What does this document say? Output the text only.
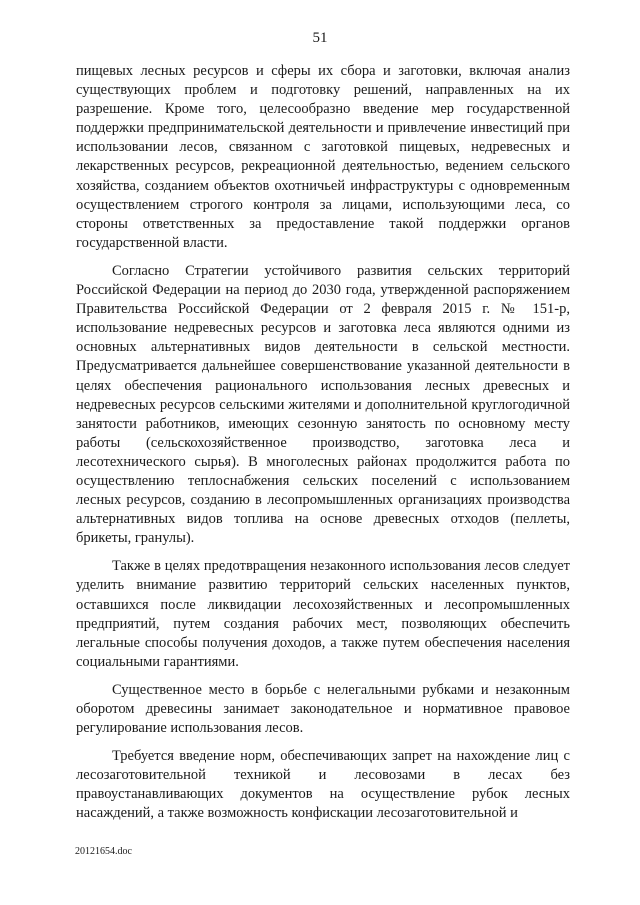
51

пищевых лесных ресурсов и сферы их сбора и заготовки, включая анализ существующих проблем и подготовку решений, направленных на их разрешение. Кроме того, целесообразно введение мер государственной поддержки предпринимательской деятельности и привлечение инвестиций при использовании лесов, связанном с заготовкой пищевых, недревесных и лекарственных ресурсов, рекреационной деятельностью, ведением сельского хозяйства, созданием объектов охотничьей инфраструктуры с одновременным осуществлением строгого контроля за лицами, использующими леса, со стороны ответственных за предоставление такой поддержки органов государственной власти.

Согласно Стратегии устойчивого развития сельских территорий Российской Федерации на период до 2030 года, утвержденной распоряжением Правительства Российской Федерации от 2 февраля 2015 г. № 151-р, использование недревесных ресурсов и заготовка леса являются одними из основных альтернативных видов деятельности в сельской местности. Предусматривается дальнейшее совершенствование указанной деятельности в целях обеспечения рационального использования лесных древесных и недревесных ресурсов сельскими жителями и дополнительной круглогодичной занятости работников, имеющих сезонную занятость по основному месту работы (сельскохозяйственное производство, заготовка леса и лесотехнического сырья). В многолесных районах продолжится работа по осуществлению теплоснабжения сельских поселений с использованием лесных ресурсов, созданию в лесопромышленных организациях производства альтернативных видов топлива на основе древесных отходов (пеллеты, брикеты, гранулы).

Также в целях предотвращения незаконного использования лесов следует уделить внимание развитию территорий сельских населенных пунктов, оставшихся после ликвидации лесохозяйственных и лесопромышленных предприятий, путем создания рабочих мест, позволяющих обеспечить легальные способы получения доходов, а также путем обеспечения населения социальными гарантиями.

Существенное место в борьбе с нелегальными рубками и незаконным оборотом древесины занимает законодательное и нормативное правовое регулирование использования лесов.

Требуется введение норм, обеспечивающих запрет на нахождение лиц с лесозаготовительной техникой и лесовозами в лесах без правоустанавливающих документов на осуществление рубок лесных насаждений, а также возможность конфискации лесозаготовительной и

20121654.doc
